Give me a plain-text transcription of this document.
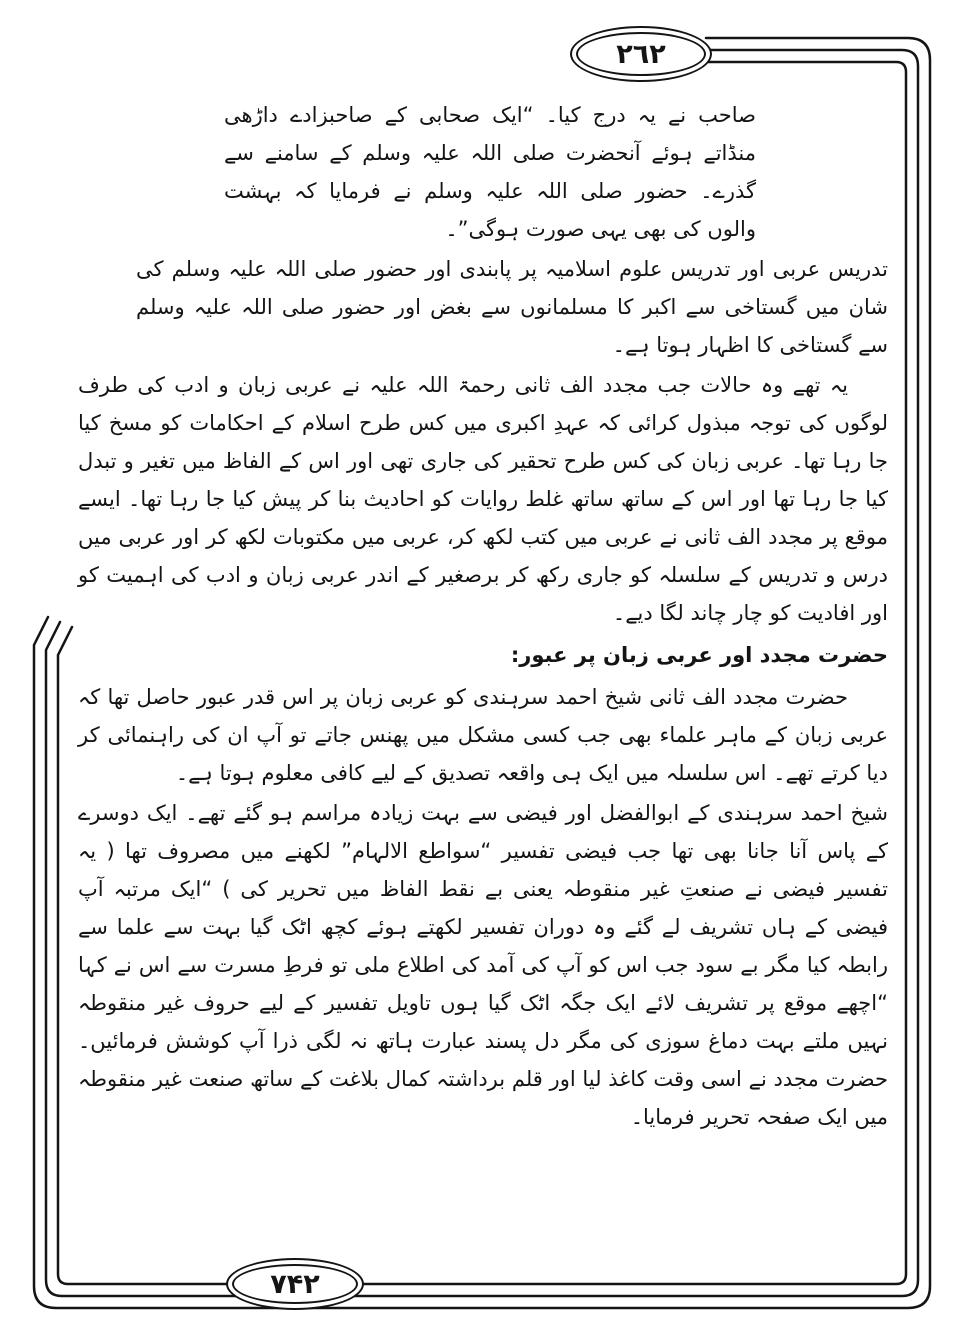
٢٦٢
٧۴٢

صاحب نے یہ درج کیا۔ “ایک صحابی کے صاحبزادے داڑھی منڈاتے ہوئے آنحضرت صلی اللہ علیہ وسلم کے سامنے سے گذرے۔ حضور صلی اللہ علیہ وسلم نے فرمایا کہ بہشت والوں کی بھی یہی صورت ہوگی”۔

تدریس عربی اور تدریس علوم اسلامیہ پر پابندی اور حضور صلی اللہ علیہ وسلم کی شان میں گستاخی سے اکبر کا مسلمانوں سے بغض اور حضور صلی اللہ علیہ وسلم سے گستاخی کا اظہار ہوتا ہے۔

یہ تھے وہ حالات جب مجدد الف ثانی رحمۃ اللہ علیہ نے عربی زبان و ادب کی طرف لوگوں کی توجہ مبذول کرائی کہ عہدِ اکبری میں کس طرح اسلام کے احکامات کو مسخ کیا جا رہا تھا۔ عربی زبان کی کس طرح تحقیر کی جاری تھی اور اس کے الفاظ میں تغیر و تبدل کیا جا رہا تھا اور اس کے ساتھ ساتھ غلط روایات کو احادیث بنا کر پیش کیا جا رہا تھا۔ ایسے موقع پر مجدد الف ثانی نے عربی میں کتب لکھ کر، عربی میں مکتوبات لکھ کر اور عربی میں درس و تدریس کے سلسلہ کو جاری رکھ کر برصغیر کے اندر عربی زبان و ادب کی اہمیت کو اور افادیت کو چار چاند لگا دیے۔

حضرت مجدد اور عربی زبان پر عبور:

حضرت مجدد الف ثانی شیخ احمد سرہندی کو عربی زبان پر اس قدر عبور حاصل تھا کہ عربی زبان کے ماہر علماء بھی جب کسی مشکل میں پھنس جاتے تو آپ ان کی راہنمائی کر دیا کرتے تھے۔ اس سلسلہ میں ایک ہی واقعہ تصدیق کے لیے کافی معلوم ہوتا ہے۔

شیخ احمد سرہندی کے ابوالفضل اور فیضی سے بہت زیادہ مراسم ہو گئے تھے۔ ایک دوسرے کے پاس آنا جانا بھی تھا جب فیضی تفسیر “سواطع الالہام” لکھنے میں مصروف تھا ( یہ تفسیر فیضی نے صنعتِ غیر منقوطہ یعنی بے نقط الفاظ میں تحریر کی ) “ایک مرتبہ آپ فیضی کے ہاں تشریف لے گئے وہ دوران تفسیر لکھتے ہوئے کچھ اٹک گیا بہت سے علما سے رابطہ کیا مگر بے سود جب اس کو آپ کی آمد کی اطلاع ملی تو فرطِ مسرت سے اس نے کہا “اچھے موقع پر تشریف لائے ایک جگہ اٹک گیا ہوں تاویل تفسیر کے لیے حروف غیر منقوطہ نہیں ملتے بہت دماغ سوزی کی مگر دل پسند عبارت ہاتھ نہ لگی ذرا آپ کوشش فرمائیں۔ حضرت مجدد نے اسی وقت کاغذ لیا اور قلم برداشتہ کمال بلاغت کے ساتھ صنعت غیر منقوطہ میں ایک صفحہ تحریر فرمایا۔
